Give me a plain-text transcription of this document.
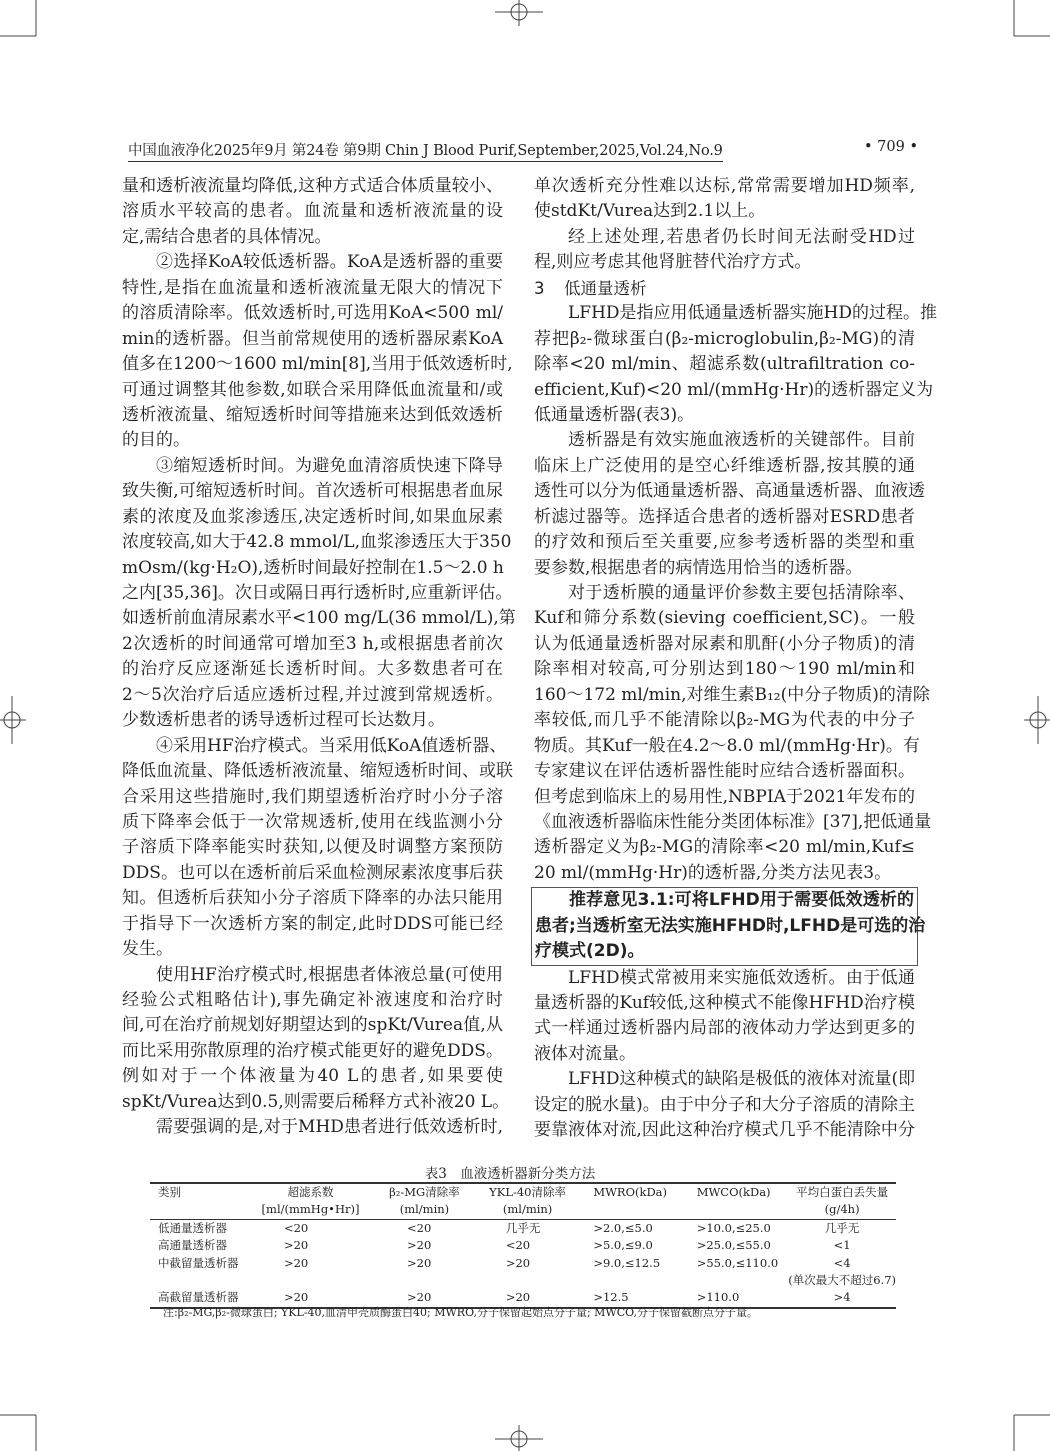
中国血液净化2025年9月 第24卷 第9期 Chin J Blood Purif,September,2025,Vol.24,No.9	• 709 •
量和透析液流量均降低,这种方式适合体质量较小、
溶质水平较高的患者。血流量和透析液流量的设
定,需结合患者的具体情况。
②选择KoA较低透析器。KoA是透析器的重要
特性,是指在血流量和透析液流量无限大的情况下
的溶质清除率。低效透析时,可选用KoA<500 ml/
min的透析器。但当前常规使用的透析器尿素KoA
值多在1200～1600 ml/min[8],当用于低效透析时,
可通过调整其他参数,如联合采用降低血流量和/或
透析液流量、缩短透析时间等措施来达到低效透析
的目的。
③缩短透析时间。为避免血清溶质快速下降导
致失衡,可缩短透析时间。首次透析可根据患者血尿
素的浓度及血浆渗透压,决定透析时间,如果血尿素
浓度较高,如大于42.8 mmol/L,血浆渗透压大于350
mOsm/(kg·H₂O),透析时间最好控制在1.5～2.0 h
之内[35,36]。次日或隔日再行透析时,应重新评估。
如透析前血清尿素水平<100 mg/L(36 mmol/L),第
2次透析的时间通常可增加至3 h,或根据患者前次
的治疗反应逐渐延长透析时间。大多数患者可在
2～5次治疗后适应透析过程,并过渡到常规透析。
少数透析患者的诱导透析过程可长达数月。
④采用HF治疗模式。当采用低KoA值透析器、
降低血流量、降低透析液流量、缩短透析时间、或联
合采用这些措施时,我们期望透析治疗时小分子溶
质下降率会低于一次常规透析,使用在线监测小分
子溶质下降率能实时获知,以便及时调整方案预防
DDS。也可以在透析前后采血检测尿素浓度事后获
知。但透析后获知小分子溶质下降率的办法只能用
于指导下一次透析方案的制定,此时DDS可能已经
发生。
使用HF治疗模式时,根据患者体液总量(可使用
经验公式粗略估计),事先确定补液速度和治疗时
间,可在治疗前规划好期望达到的spKt/Vurea值,从
而比采用弥散原理的治疗模式能更好的避免DDS。
例如对于一个体液量为40 L的患者,如果要使
spKt/Vurea达到0.5,则需要后稀释方式补液20 L。
需要强调的是,对于MHD患者进行低效透析时,
单次透析充分性难以达标,常常需要增加HD频率,
使stdKt/Vurea达到2.1以上。
经上述处理,若患者仍长时间无法耐受HD过
程,则应考虑其他肾脏替代治疗方式。
3 低通量透析
LFHD是指应用低通量透析器实施HD的过程。推
荐把β₂-微球蛋白(β₂-microglobulin,β₂-MG)的清
除率<20 ml/min、超滤系数(ultrafiltration co-
efficient,Kuf)<20 ml/(mmHg·Hr)的透析器定义为
低通量透析器(表3)。
透析器是有效实施血液透析的关键部件。目前
临床上广泛使用的是空心纤维透析器,按其膜的通
透性可以分为低通量透析器、高通量透析器、血液透
析滤过器等。选择适合患者的透析器对ESRD患者
的疗效和预后至关重要,应参考透析器的类型和重
要参数,根据患者的病情选用恰当的透析器。
对于透析膜的通量评价参数主要包括清除率、
Kuf和筛分系数(sieving coefficient,SC)。一般
认为低通量透析器对尿素和肌酐(小分子物质)的清
除率相对较高,可分别达到180～190 ml/min和
160～172 ml/min,对维生素B₁₂(中分子物质)的清除
率较低,而几乎不能清除以β₂-MG为代表的中分子
物质。其Kuf一般在4.2～8.0 ml/(mmHg·Hr)。有
专家建议在评估透析器性能时应结合透析器面积。
但考虑到临床上的易用性,NBPIA于2021年发布的
《血液透析器临床性能分类团体标准》[37],把低通量
透析器定义为β₂-MG的清除率<20 ml/min,Kuf≤
20 ml/(mmHg·Hr)的透析器,分类方法见表3。
推荐意见3.1:可将LFHD用于需要低效透析的
患者;当透析室无法实施HFHD时,LFHD是可选的治
疗模式(2D)。
LFHD模式常被用来实施低效透析。由于低通
量透析器的Kuf较低,这种模式不能像HFHD治疗模
式一样通过透析器内局部的液体动力学达到更多的
液体对流量。
LFHD这种模式的缺陷是极低的液体对流量(即
设定的脱水量)。由于中分子和大分子溶质的清除主
要靠液体对流,因此这种治疗模式几乎不能清除中分
表3　血液透析器新分类方法
类别	超滤系数	β₂-MG清除率	YKL-40清除率	MWRO(kDa)	MWCO(kDa)	平均白蛋白丢失量
	[ml/(mmHg•Hr)]	(ml/min)	(ml/min)			(g/4h)
低通量透析器	<20	<20	几乎无	>2.0,≤5.0	>10.0,≤25.0	几乎无
高通量透析器	>20	>20	<20	>5.0,≤9.0	>25.0,≤55.0	<1
中截留量透析器	>20	>20	>20	>9.0,≤12.5	>55.0,≤110.0	<4
						(单次最大不超过6.7)
高截留量透析器	>20	>20	>20	>12.5	>110.0	>4
注:β₂-MG,β₂-微球蛋白; YKL-40,血清甲壳质酶蛋白40; MWRO,分子保留起始点分子量; MWCO,分子保留截断点分子量。
